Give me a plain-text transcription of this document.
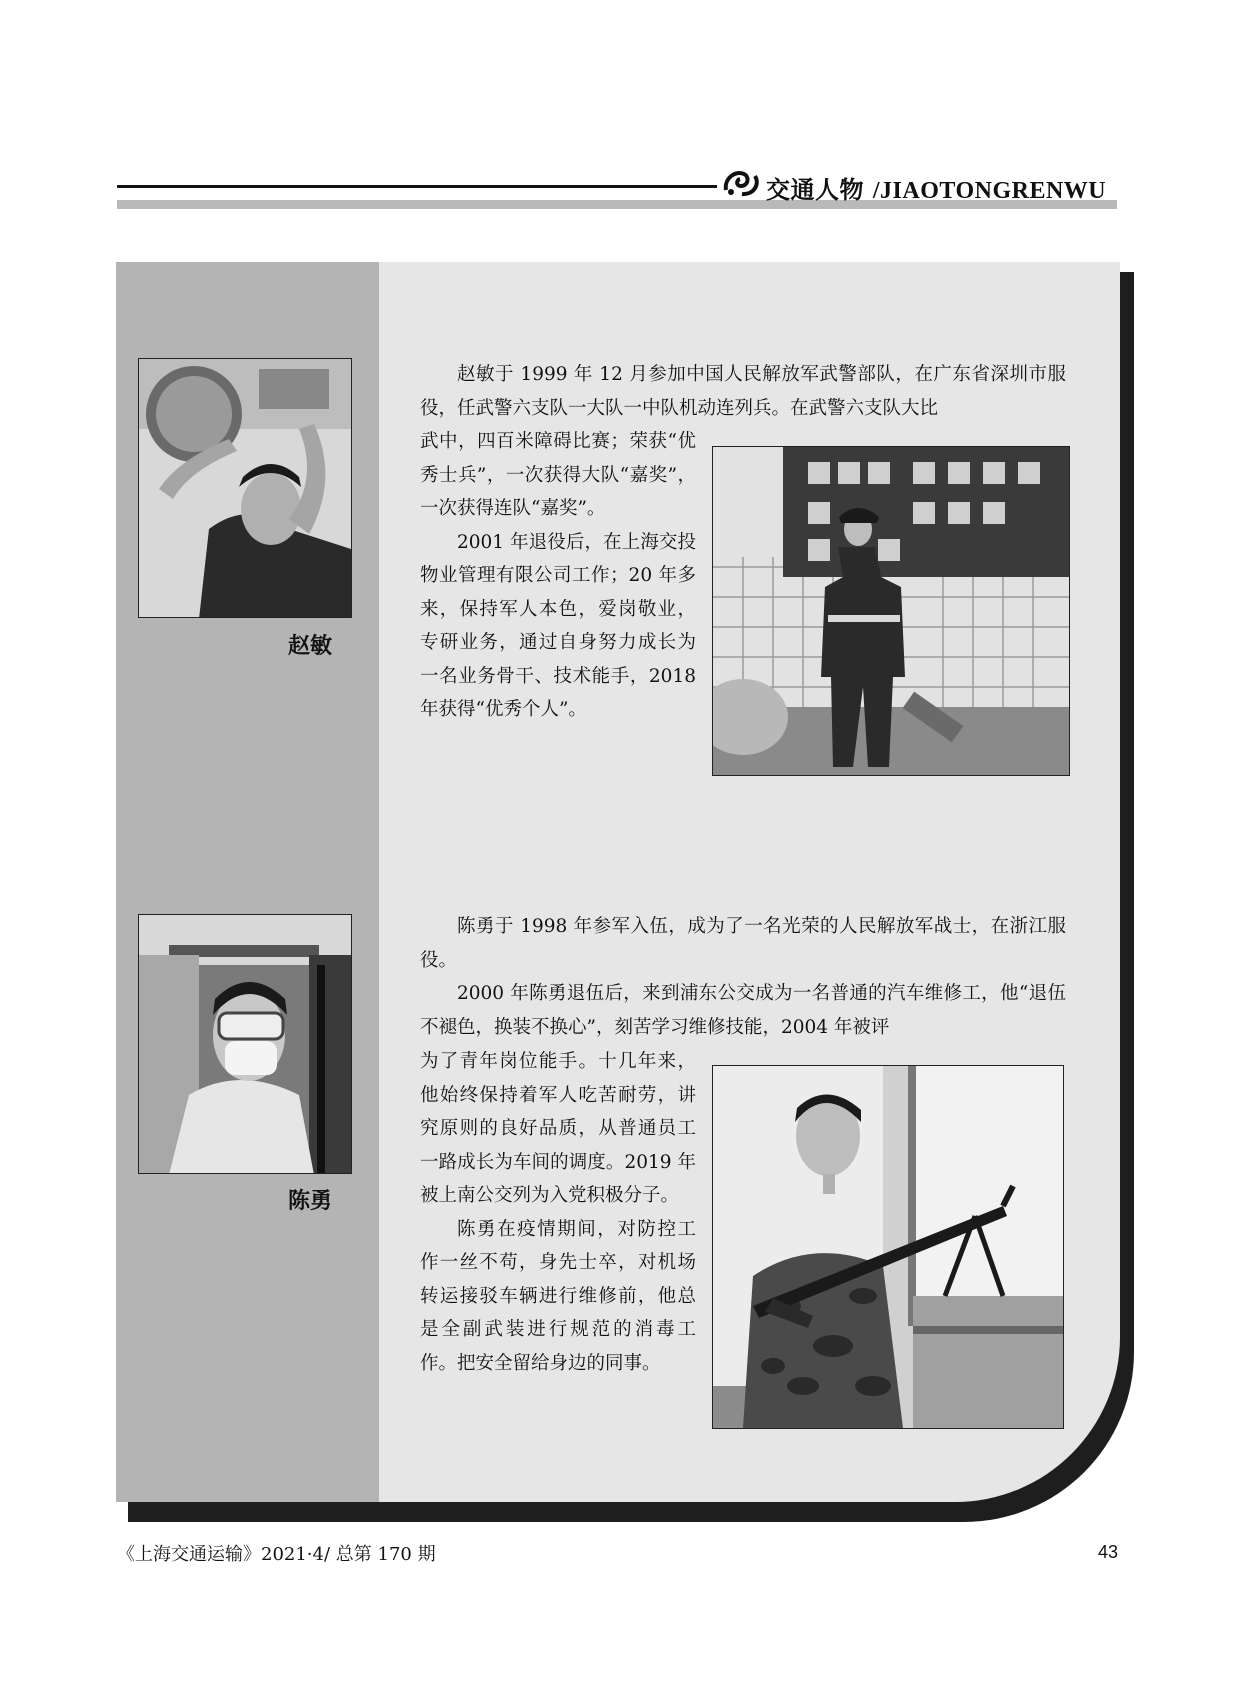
交通人物 /JIAOTONGRENWU
赵敏

赵敏于 1999 年 12 月参加中国人民解放军武警部队，在广东省深圳市服役，任武警六支队一大队一中队机动连列兵。在武警六支队大比

武中，四百米障碍比赛；荣获“优秀士兵”，一次获得大队“嘉奖”，一次获得连队“嘉奖”。

2001 年退役后，在上海交投物业管理有限公司工作；20 年多来，保持军人本色，爱岗敬业，专研业务，通过自身努力成长为一名业务骨干、技术能手，2018 年获得“优秀个人”。

陈勇

陈勇于 1998 年参军入伍，成为了一名光荣的人民解放军战士，在浙江服役。

2000 年陈勇退伍后，来到浦东公交成为一名普通的汽车维修工，他“退伍不褪色，换装不换心”，刻苦学习维修技能，2004 年被评

为了青年岗位能手。十几年来，他始终保持着军人吃苦耐劳，讲究原则的良好品质，从普通员工一路成长为车间的调度。2019 年被上南公交列为入党积极分子。

陈勇在疫情期间，对防控工作一丝不苟，身先士卒，对机场转运接驳车辆进行维修前，他总是全副武装进行规范的消毒工作。把安全留给身边的同事。

《上海交通运输》2021·4/ 总第 170 期	43
